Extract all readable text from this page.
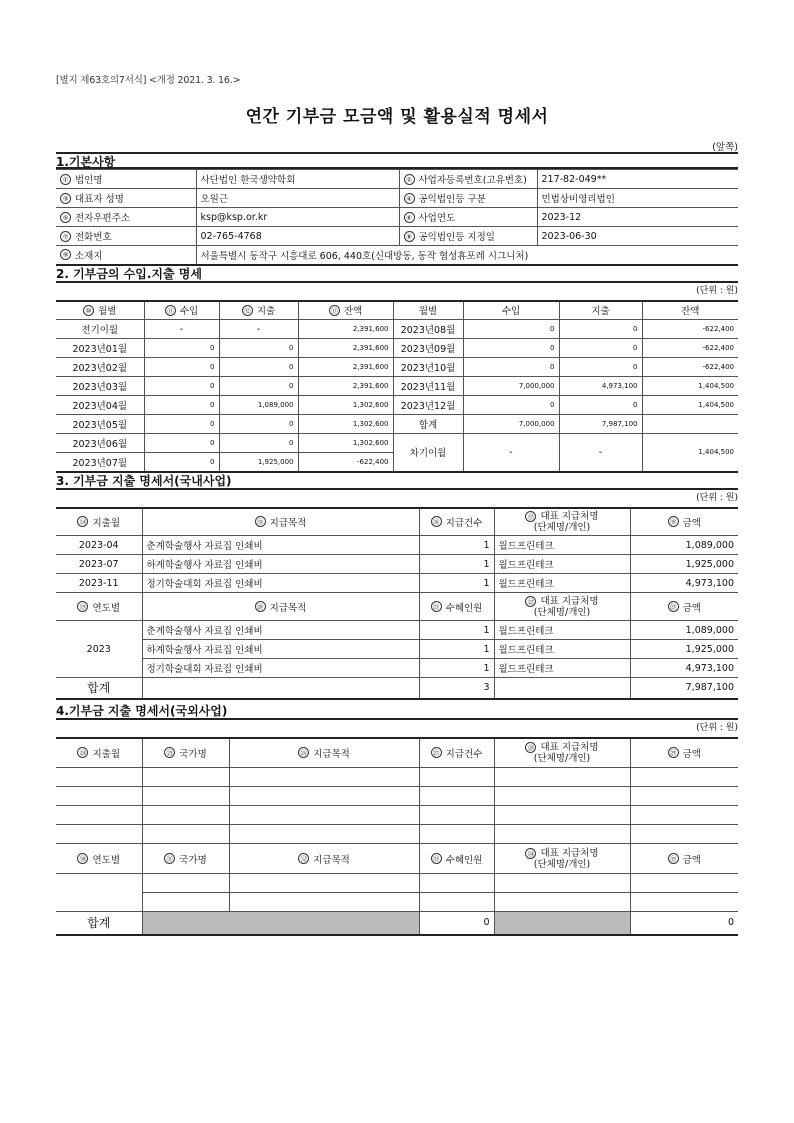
[별지 제63호의7서식] <개정 2021. 3. 16.>
연간 기부금 모금액 및 활용실적 명세서
(앞쪽)
1.기본사항
① 법인명	사단법인 한국생약학회	② 사업자등록번호(고유번호)	217-82-049**
③ 대표자 성명	오원근	④ 공익법인등 구분	민법상비영리법인
⑤ 전자우편주소	ksp@ksp.or.kr	⑥ 사업연도	2023-12
⑦ 전화번호	02-765-4768	⑧ 공익법인등 지정일	2023-06-30
⑨ 소재지	서울특별시 동작구 시흥대로 606, 440호(신대방동, 동작 협성휴포레 시그니처)		
2. 기부금의 수입.지출 명세
(단위 : 원)
⑩ 월별	⑪ 수입	⑫ 지출	⑬ 잔액	월별	수입	지출	잔액
전기이월	-	-	2,391,600	2023년08월	0	0	-622,400
2023년01월	0	0	2,391,600	2023년09월	0	0	-622,400
2023년02월	0	0	2,391,600	2023년10월	0	0	-622,400
2023년03월	0	0	2,391,600	2023년11월	7,000,000	4,973,100	1,404,500
2023년04월	0	1,089,000	1,302,600	2023년12월	0	0	1,404,500
2023년05월	0	0	1,302,600	합계	7,000,000	7,987,100	
2023년06월	0	0	1,302,600	차기이월	-	-	1,404,500
2023년07월	0	1,925,000	-622,400				
3. 기부금 지출 명세서(국내사업)
(단위 : 원)
⑭ 지출월	⑮ 지급목적	⑯ 지급건수	⑰ 대표 지급처명
(단체명/개인)	⑱ 금액
2023-04	춘계학술행사 자료집 인쇄비	1	월드프린테크	1,089,000
2023-07	하계학술행사 자료집 인쇄비	1	월드프린테크	1,925,000
2023-11	정기학술대회 자료집 인쇄비	1	월드프린테크	4,973,100
⑲ 연도별	⑳ 지급목적	㉑ 수혜인원	㉒ 대표 지급처명
(단체명/개인)	㉓ 금액
2023	춘계학술행사 자료집 인쇄비	1	월드프린테크	1,089,000
	하계학술행사 자료집 인쇄비	1	월드프린테크	1,925,000
	정기학술대회 자료집 인쇄비	1	월드프린테크	4,973,100
합계		3		7,987,100
4.기부금 지출 명세서(국외사업)
(단위 : 원)
㉔ 지출월	㉕ 국가명	㉖ 지급목적	㉗ 지급건수	㉘ 대표 지급처명
(단체명/개인)	㉙ 금액

㉚ 연도별	㉛ 국가명	㉜ 지급목적	㉝ 수혜인원	㉞ 대표 지급처명
(단체명/개인)	㉟ 금액

합계			0		0
